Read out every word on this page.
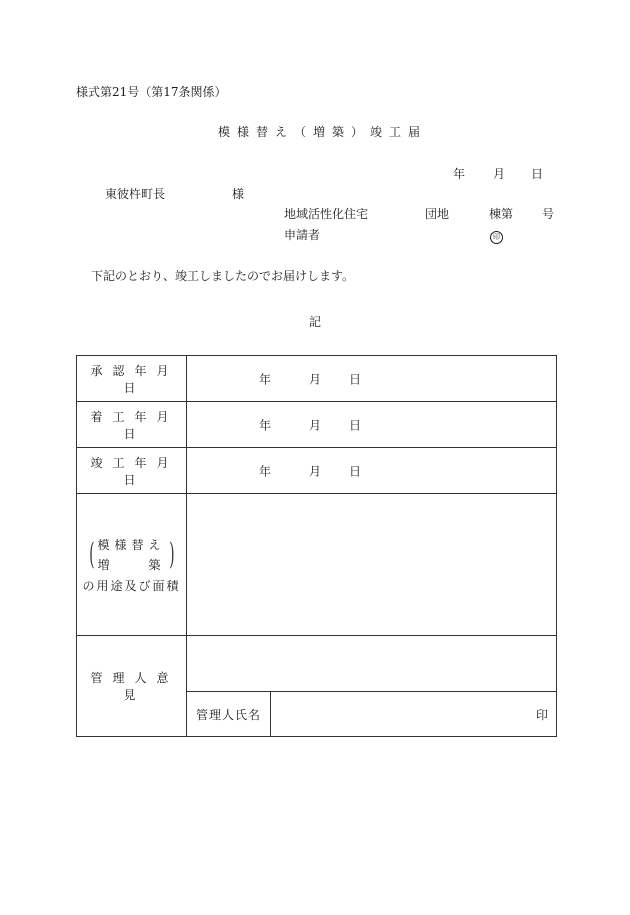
様式第21号（第17条関係）
模様替え（増築）竣工届
年 月 日
東彼杵町長	様
地域活性化住宅	団地	棟第 号
申請者	印
下記のとおり、竣工しましたのでお届けします。
記
承認年月日	年 月 日	

着工年月日	年 月 日	

竣工年月日	年 月 日	

( 模様替え
増　　築 )
の用途及び面積		

管理人意見		
	管理人氏名	印
